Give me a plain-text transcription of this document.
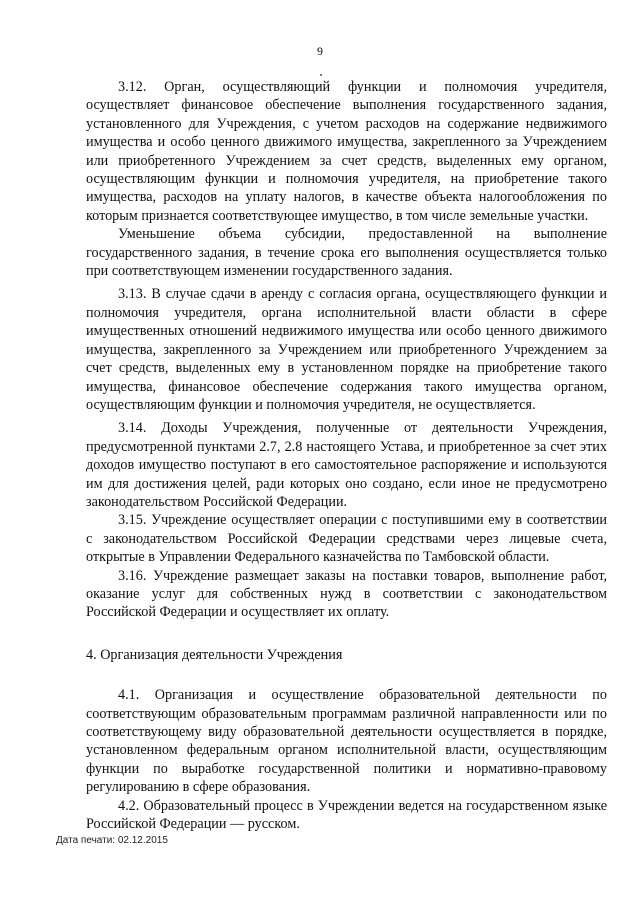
9

3.12. Орган, осуществляющий функции и полномочия учредителя, осуществляет финансовое обеспечение выполнения государственного задания, установленного для Учреждения, с учетом расходов на содержание недвижимого имущества и особо ценного движимого имущества, закрепленного за Учреждением или приобретенного Учреждением за счет средств, выделенных ему органом, осуществляющим функции и полномочия учредителя, на приобретение такого имущества, расходов на уплату налогов, в качестве объекта налогообложения по которым признается соответствующее имущество, в том числе земельные участки.

Уменьшение объема субсидии, предоставленной на выполнение государственного задания, в течение срока его выполнения осуществляется только при соответствующем изменении государственного задания.

3.13. В случае сдачи в аренду с согласия органа, осуществляющего функции и полномочия учредителя, органа исполнительной власти области в сфере имущественных отношений недвижимого имущества или особо ценного движимого имущества, закрепленного за Учреждением или приобретенного Учреждением за счет средств, выделенных ему в установленном порядке на приобретение такого имущества, финансовое обеспечение содержания такого имущества органом, осуществляющим функции и полномочия учредителя, не осуществляется.

3.14. Доходы Учреждения, полученные от деятельности Учреждения, предусмотренной пунктами 2.7, 2.8 настоящего Устава, и приобретенное за счет этих доходов имущество поступают в его самостоятельное распоряжение и используются им для достижения целей, ради которых оно создано, если иное не предусмотрено законодательством Российской Федерации.

3.15. Учреждение осуществляет операции с поступившими ему в соответствии с законодательством Российской Федерации средствами через лицевые счета, открытые в Управлении Федерального казначейства по Тамбовской области.

3.16. Учреждение размещает заказы на поставки товаров, выполнение работ, оказание услуг для собственных нужд в соответствии с законодательством Российской Федерации и осуществляет их оплату.

4. Организация деятельности Учреждения

4.1. Организация и осуществление образовательной деятельности по соответствующим образовательным программам различной направленности или по соответствующему виду образовательной деятельности осуществляется в порядке, установленном федеральным органом исполнительной власти, осуществляющим функции по выработке государственной политики и нормативно-правовому регулированию в сфере образования.

4.2. Образовательный процесс в Учреждении ведется на государственном языке Российской Федерации — русском.

Дата печати: 02.12.2015
